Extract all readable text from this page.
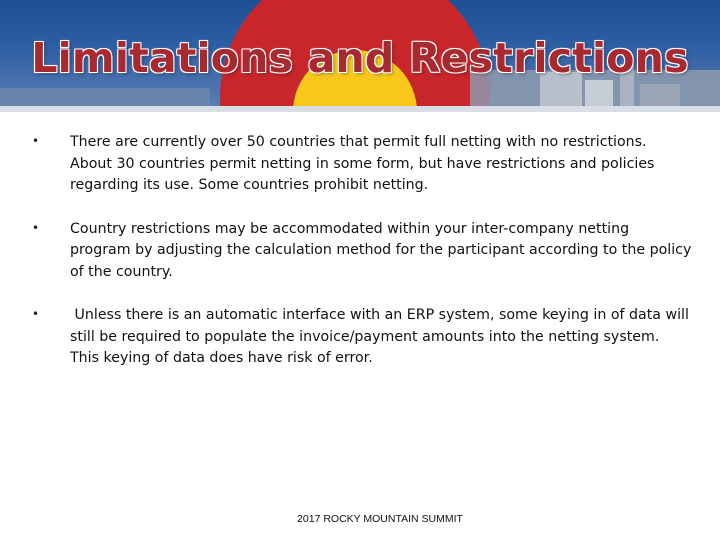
Limitations and Restrictions
• There are currently over 50 countries that permit full netting with no restrictions. About 30 countries permit netting in some form, but have restrictions and policies regarding its use. Some countries prohibit netting.
• Country restrictions may be accommodated within your inter-company netting program by adjusting the calculation method for the participant according to the policy of the country.
• Unless there is an automatic interface with an ERP system, some keying in of data will still be required to populate the invoice/payment amounts into the netting system.  This keying of data does have risk of error.
2017 ROCKY MOUNTAIN SUMMIT
